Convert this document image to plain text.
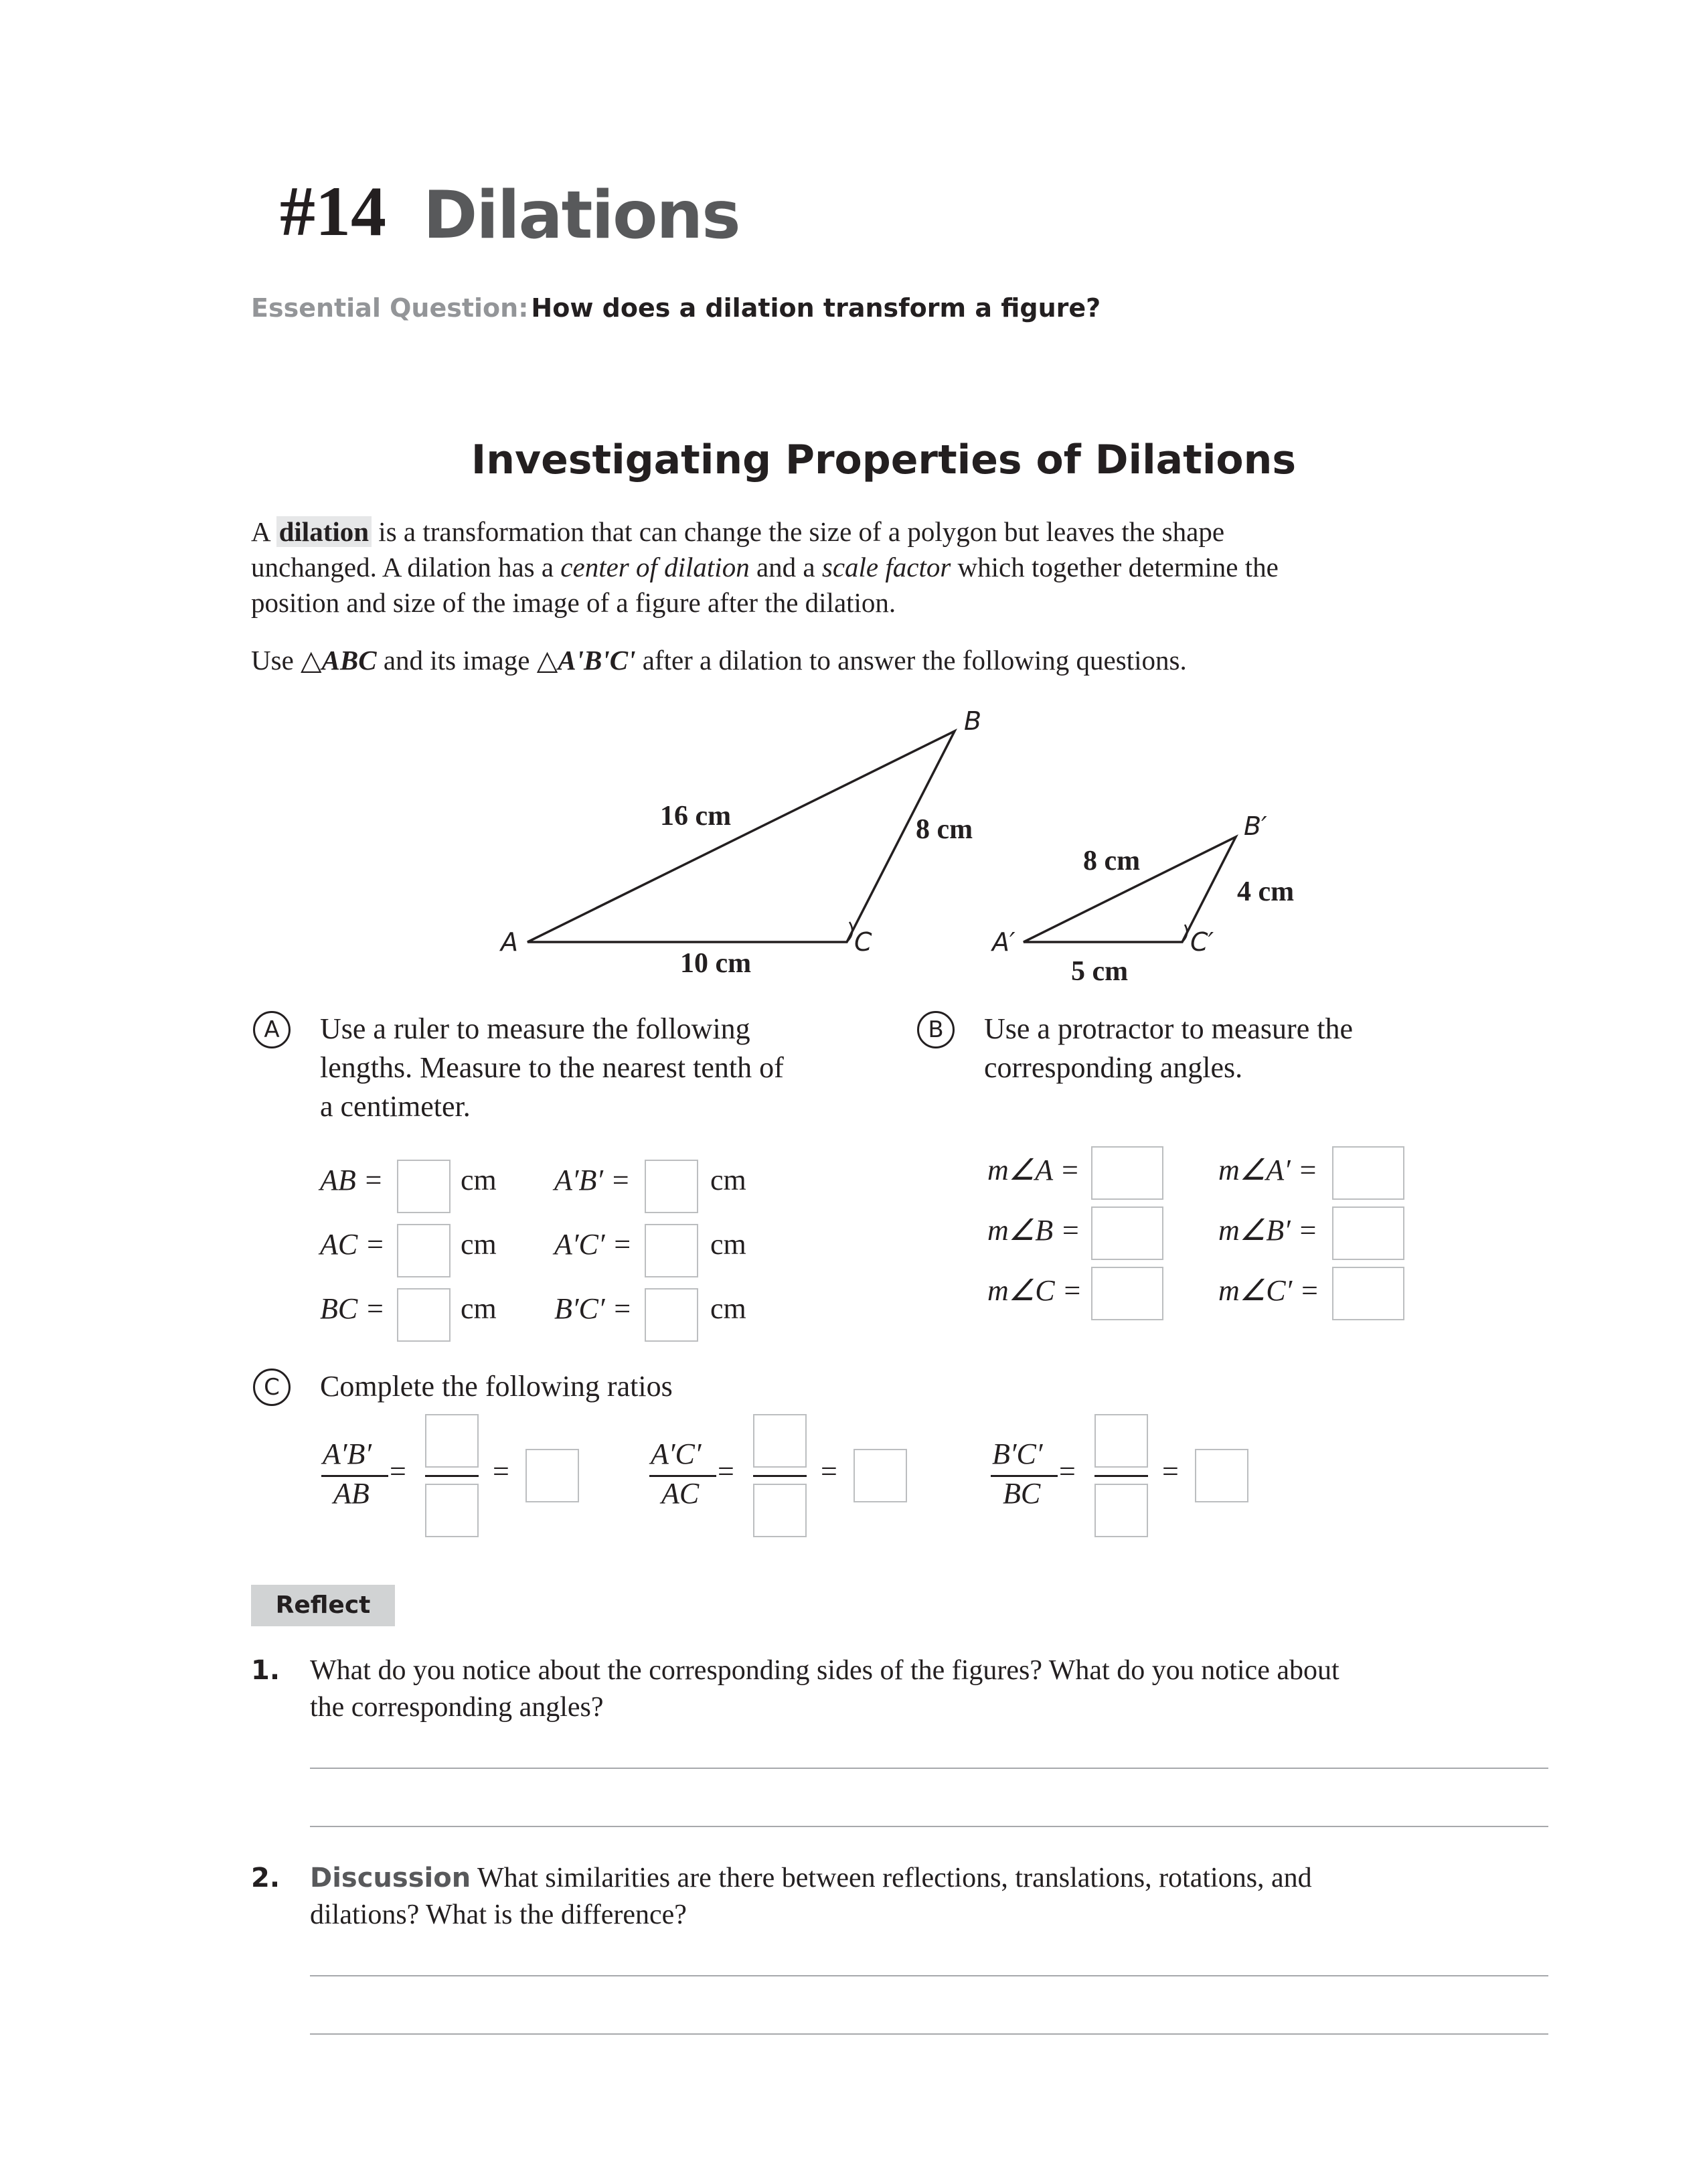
#14 Dilations
Essential Question: How does a dilation transform a figure?
Investigating Properties of Dilations
A dilation is a transformation that can change the size of a polygon but leaves the shape unchanged. A dilation has a center of dilation and a scale factor which together determine the position and size of the image of a figure after the dilation.
Use △ABC and its image △A'B'C' after a dilation to answer the following questions.
A
B
C
16 cm	8 cm
10 cm
A′
B′
C′
8 cm
4 cm
5 cm
A	Use a ruler to measure the following lengths. Measure to the nearest tenth of a centimeter.
AB =	cm A′B′ =	cm
AC =	cm A′C′ =	cm
BC =	cm B′C′ =	cm
B	Use a protractor to measure the corresponding angles.
m∠A =	m∠A′ =
m∠B =	m∠B′ =
m∠C =	m∠C′ =
C	Complete the following ratios
A′B′
AB
=	=
A′C′
AC
=	=
B′C′
BC
=	=
Reflect
1. What do you notice about the corresponding sides of the figures? What do you notice about the corresponding angles?
2. Discussion What similarities are there between reflections, translations, rotations, and dilations? What is the difference?
